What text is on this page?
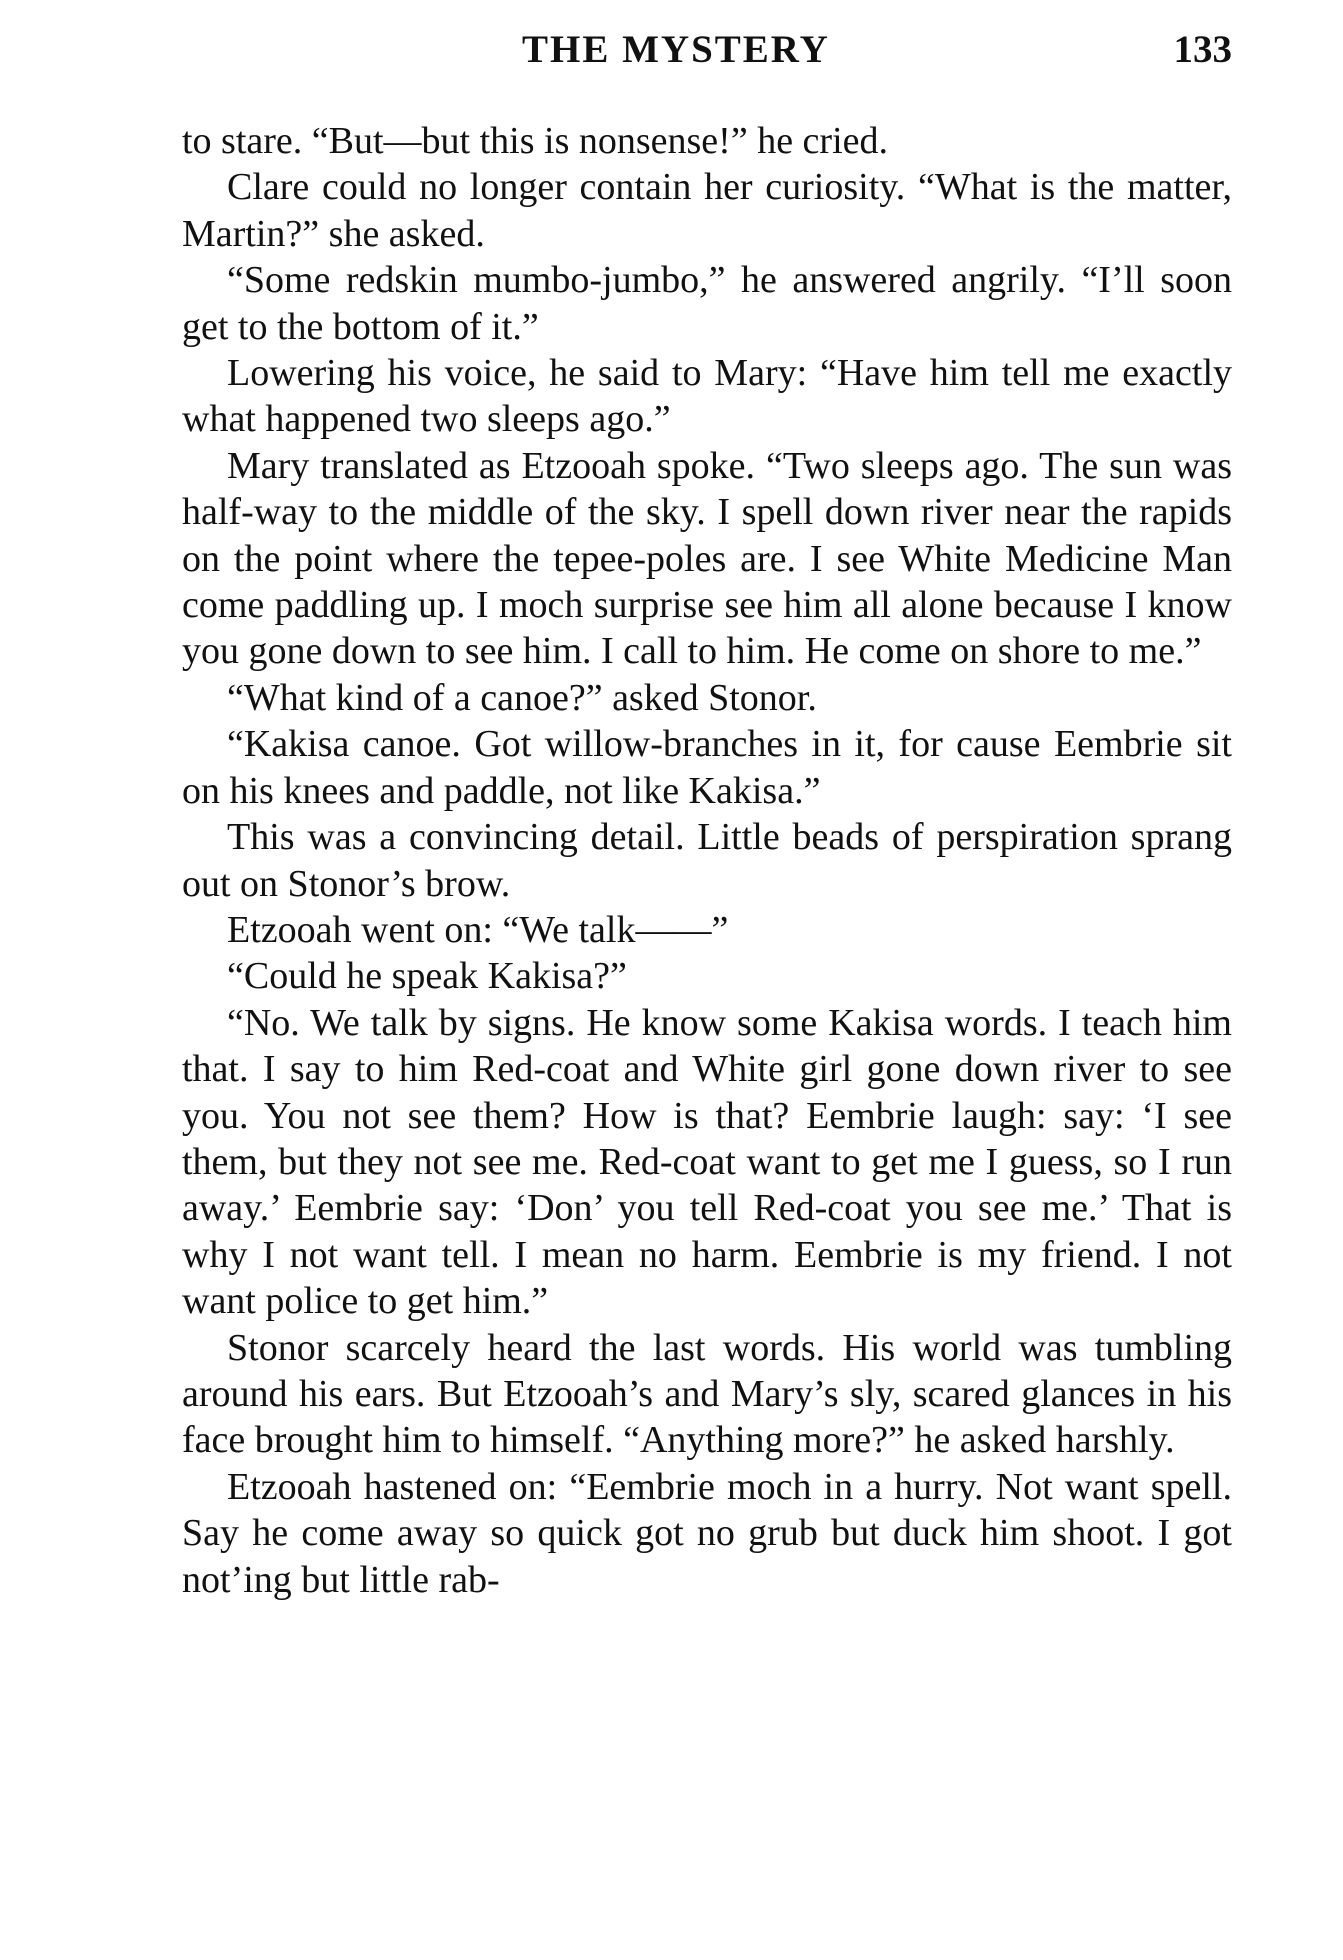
THE MYSTERY	133

to stare. “But—but this is nonsense!” he cried.

Clare could no longer contain her curiosity. “What is the matter, Martin?” she asked.

“Some redskin mumbo-jumbo,” he answered angrily. “I’ll soon get to the bottom of it.”

Lowering his voice, he said to Mary: “Have him tell me exactly what happened two sleeps ago.”

Mary translated as Etzooah spoke. “Two sleeps ago. The sun was half-way to the middle of the sky. I spell down river near the rapids on the point where the tepee-poles are. I see White Medicine Man come paddling up. I moch surprise see him all alone because I know you gone down to see him. I call to him. He come on shore to me.”

“What kind of a canoe?” asked Stonor.

“Kakisa canoe. Got willow-branches in it, for cause Eembrie sit on his knees and paddle, not like Kakisa.”

This was a convincing detail. Little beads of perspiration sprang out on Stonor’s brow.

Etzooah went on: “We talk——”

“Could he speak Kakisa?”

“No. We talk by signs. He know some Kakisa words. I teach him that. I say to him Red-coat and White girl gone down river to see you. You not see them? How is that? Eembrie laugh: say: ‘I see them, but they not see me. Red-coat want to get me I guess, so I run away.’ Eembrie say: ‘Don’ you tell Red-coat you see me.’ That is why I not want tell. I mean no harm. Eembrie is my friend. I not want police to get him.”

Stonor scarcely heard the last words. His world was tumbling around his ears. But Etzooah’s and Mary’s sly, scared glances in his face brought him to himself. “Anything more?” he asked harshly.

Etzooah hastened on: “Eembrie moch in a hurry. Not want spell. Say he come away so quick got no grub but duck him shoot. I got not’ing but little rab-
